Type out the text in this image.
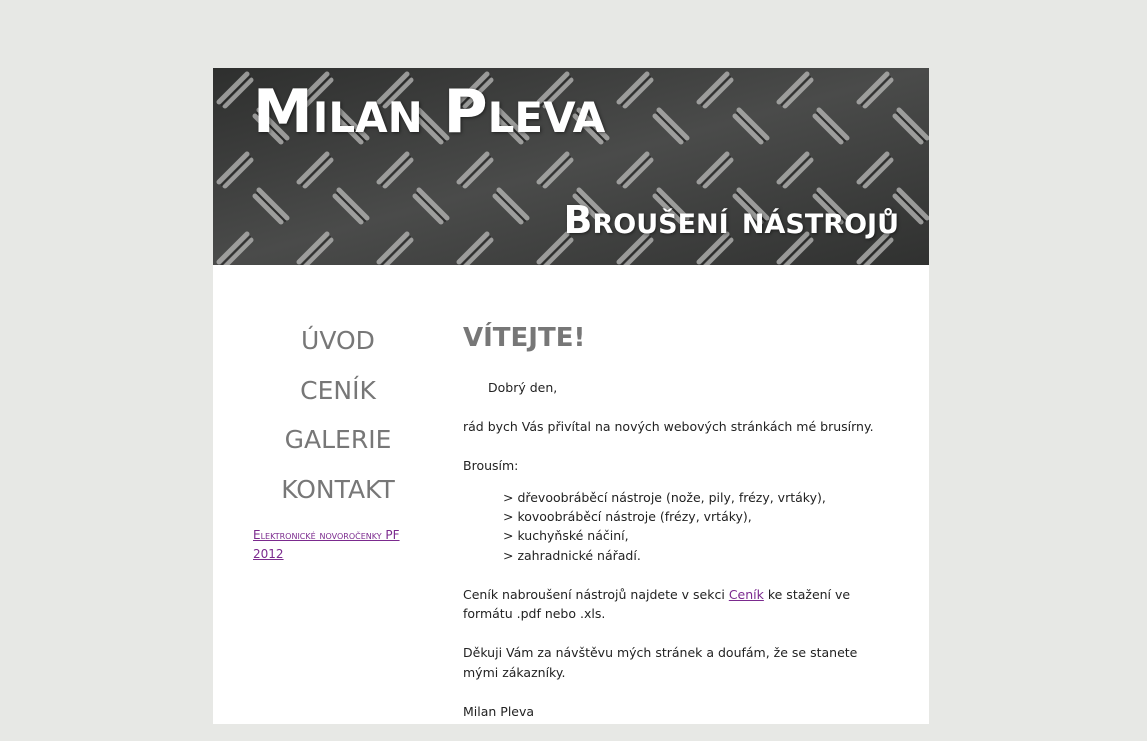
Milan Pleva
Broušení nástrojů
ÚVOD
CENÍK
GALERIE
KONTAKT
Elektronické novoročenky PF 2012
VÍTEJTE!

Dobrý den,

rád bych Vás přivítal na nových webových stránkách mé brusírny.

Brousím:

> dřevoobráběcí nástroje (nože, pily, frézy, vrtáky),
> kovoobráběcí nástroje (frézy, vrtáky),
> kuchyňské náčiní,
> zahradnické nářadí.

Ceník nabroušení nástrojů najdete v sekci Ceník ke stažení ve formátu .pdf nebo .xls.

Děkuji Vám za návštěvu mých stránek a doufám, že se stanete mými zákazníky.

Milan Pleva
